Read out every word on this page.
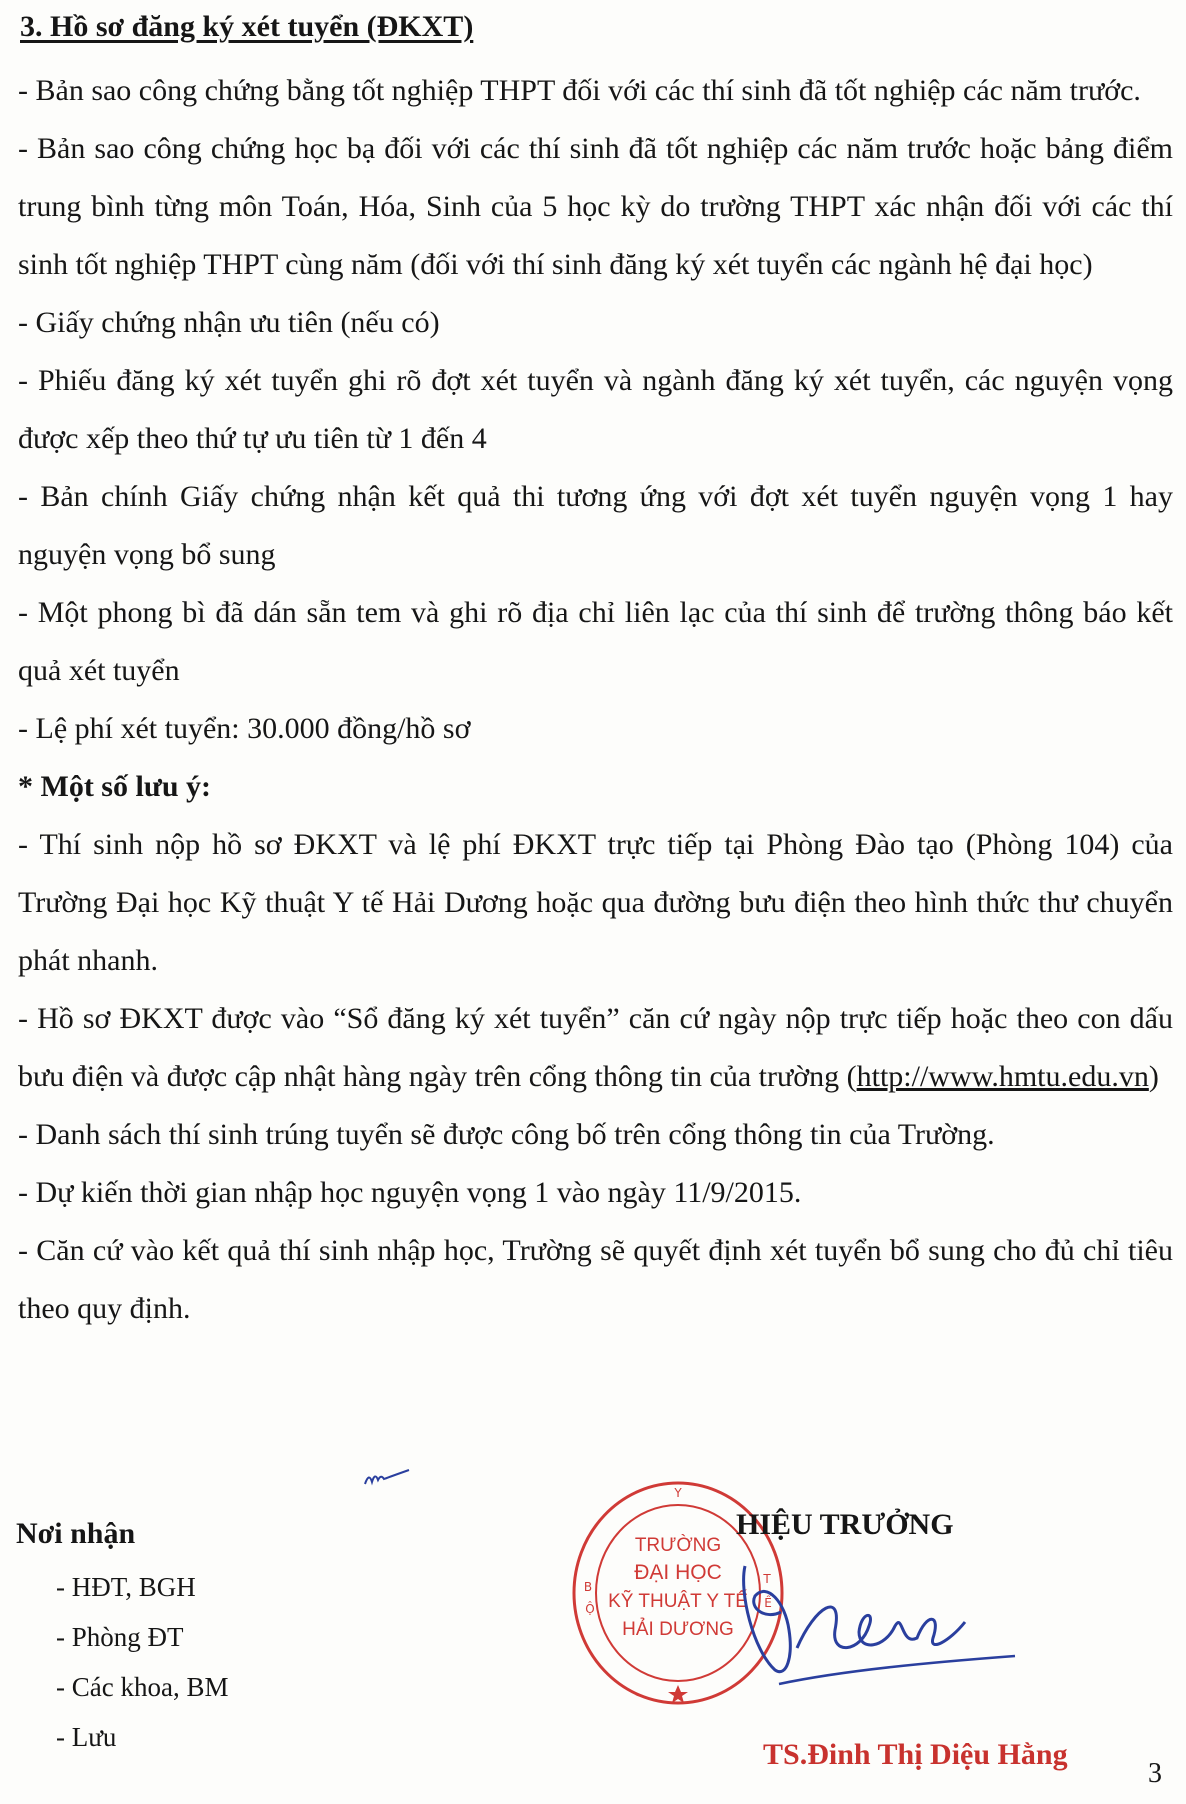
3. Hồ sơ đăng ký xét tuyển (ĐKXT)

- Bản sao công chứng bằng tốt nghiệp THPT đối với các thí sinh đã tốt nghiệp các năm trước.

- Bản sao công chứng học bạ đối với các thí sinh đã tốt nghiệp các năm trước hoặc bảng điểm trung bình từng môn Toán, Hóa, Sinh của 5 học kỳ do trường THPT xác nhận đối với các thí sinh tốt nghiệp THPT cùng năm (đối với thí sinh đăng ký xét tuyển các ngành hệ đại học)

- Giấy chứng nhận ưu tiên (nếu có)

- Phiếu đăng ký xét tuyển ghi rõ đợt xét tuyển và ngành đăng ký xét tuyển, các nguyện vọng được xếp theo thứ tự ưu tiên từ 1 đến 4

- Bản chính Giấy chứng nhận kết quả thi tương ứng với đợt xét tuyển nguyện vọng 1 hay nguyện vọng bổ sung

- Một phong bì đã dán sẵn tem và ghi rõ địa chỉ liên lạc của thí sinh để trường thông báo kết quả xét tuyển

- Lệ phí xét tuyển: 30.000 đồng/hồ sơ

* Một số lưu ý:

- Thí sinh nộp hồ sơ ĐKXT và lệ phí ĐKXT trực tiếp tại Phòng Đào tạo (Phòng 104) của Trường Đại học Kỹ thuật Y tế Hải Dương hoặc qua đường bưu điện theo hình thức thư chuyển phát nhanh.

- Hồ sơ ĐKXT được vào “Sổ đăng ký xét tuyển” căn cứ ngày nộp trực tiếp hoặc theo con dấu bưu điện và được cập nhật hàng ngày trên cổng thông tin của trường (http://www.hmtu.edu.vn)

- Danh sách thí sinh trúng tuyển sẽ được công bố trên cổng thông tin của Trường.

- Dự kiến thời gian nhập học nguyện vọng 1 vào ngày 11/9/2015.

- Căn cứ vào kết quả thí sinh nhập học, Trường sẽ quyết định xét tuyển bổ sung cho đủ chỉ tiêu theo quy định.

Nơi nhận
- HĐT, BGH
- Phòng ĐT
- Các khoa, BM
- Lưu
Y
B
Ộ
T
Ế
TRƯỜNG
ĐẠI HỌC
KỸ THUẬT Y TẾ
HẢI DƯƠNG
HIỆU TRƯỞNG
TS.Đinh Thị Diệu Hằng
3
